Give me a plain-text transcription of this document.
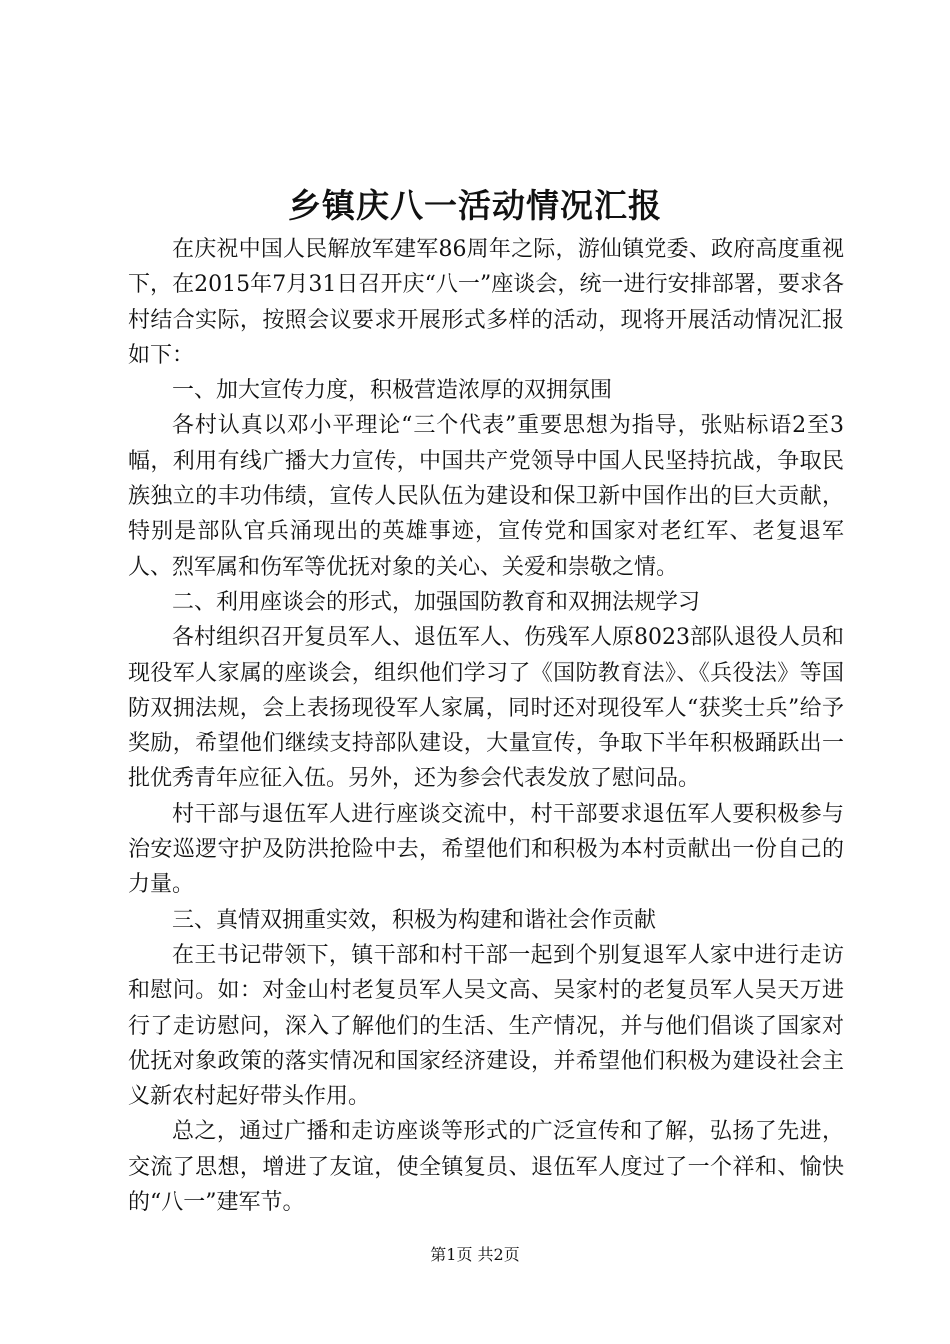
乡镇庆八一活动情况汇报

在庆祝中国人民解放军建军86周年之际，游仙镇党委、政府高度重视下，在2015年7月31日召开庆“八一”座谈会，统一进行安排部署，要求各村结合实际，按照会议要求开展形式多样的活动，现将开展活动情况汇报如下：

一、加大宣传力度，积极营造浓厚的双拥氛围

各村认真以邓小平理论“三个代表”重要思想为指导，张贴标语2至3幅，利用有线广播大力宣传，中国共产党领导中国人民坚持抗战，争取民族独立的丰功伟绩，宣传人民队伍为建设和保卫新中国作出的巨大贡献，特别是部队官兵涌现出的英雄事迹，宣传党和国家对老红军、老复退军人、烈军属和伤军等优抚对象的关心、关爱和崇敬之情。

二、利用座谈会的形式，加强国防教育和双拥法规学习

各村组织召开复员军人、退伍军人、伤残军人原8023部队退役人员和现役军人家属的座谈会，组织他们学习了《国防教育法》、《兵役法》等国防双拥法规，会上表扬现役军人家属，同时还对现役军人“获奖士兵”给予奖励，希望他们继续支持部队建设，大量宣传，争取下半年积极踊跃出一批优秀青年应征入伍。另外，还为参会代表发放了慰问品。

村干部与退伍军人进行座谈交流中，村干部要求退伍军人要积极参与治安巡逻守护及防洪抢险中去，希望他们和积极为本村贡献出一份自己的力量。

三、真情双拥重实效，积极为构建和谐社会作贡献

在王书记带领下，镇干部和村干部一起到个别复退军人家中进行走访和慰问。如：对金山村老复员军人吴文高、吴家村的老复员军人吴天万进行了走访慰问，深入了解他们的生活、生产情况，并与他们倡谈了国家对优抚对象政策的落实情况和国家经济建设，并希望他们积极为建设社会主义新农村起好带头作用。

总之，通过广播和走访座谈等形式的广泛宣传和了解，弘扬了先进，交流了思想，增进了友谊，使全镇复员、退伍军人度过了一个祥和、愉快的“八一”建军节。

第1页 共2页
